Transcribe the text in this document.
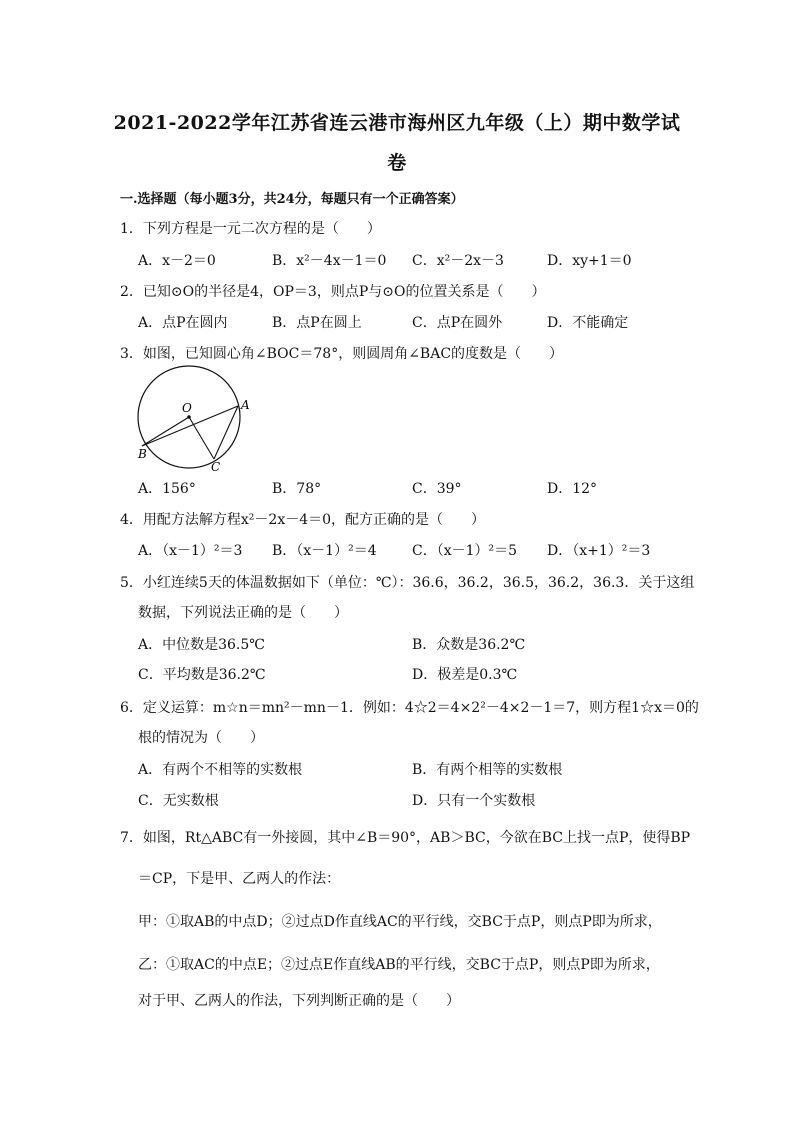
2021-2022学年江苏省连云港市海州区九年级（上）期中数学试
卷
一.选择题（每小题3分，共24分，每题只有一个正确答案）
1．下列方程是一元二次方程的是（　　）
A．x－2＝0	B．x²－4x－1＝0 C．x²－2x－3	D．xy+1＝0
2．已知⊙O的半径是4，OP＝3，则点P与⊙O的位置关系是（　　）
A．点P在圆内	B．点P在圆上	C．点P在圆外	D．不能确定
3．如图，已知圆心角∠BOC＝78°，则圆周角∠BAC的度数是（　　）
O	A
B
C
A．156°	B．78°	C．39°	D．12°
4．用配方法解方程x²－2x－4＝0，配方正确的是（　　）
A．（x－1）²＝3 B．（x－1）²＝4	C．（x－1）²＝5 D．（x+1）²＝3
5．小红连续5天的体温数据如下（单位：℃）：36.6，36.2，36.5，36.2，36.3．关于这组
数据，下列说法正确的是（　　）
A．中位数是36.5℃	B．众数是36.2℃
C．平均数是36.2℃	D．极差是0.3℃
6．定义运算：m☆n＝mn²－mn－1．例如：4☆2＝4×2²－4×2－1＝7，则方程1☆x＝0的
根的情况为（　　）
A．有两个不相等的实数根	B．有两个相等的实数根
C．无实数根	D．只有一个实数根
7．如图，Rt△ABC有一外接圆，其中∠B＝90°，AB＞BC，今欲在BC上找一点P，使得BP
＝CP，下是甲、乙两人的作法：
甲：①取AB的中点D；②过点D作直线AC的平行线，交BC于点P，则点P即为所求，
乙：①取AC的中点E；②过点E作直线AB的平行线，交BC于点P，则点P即为所求，
对于甲、乙两人的作法，下列判断正确的是（　　）
